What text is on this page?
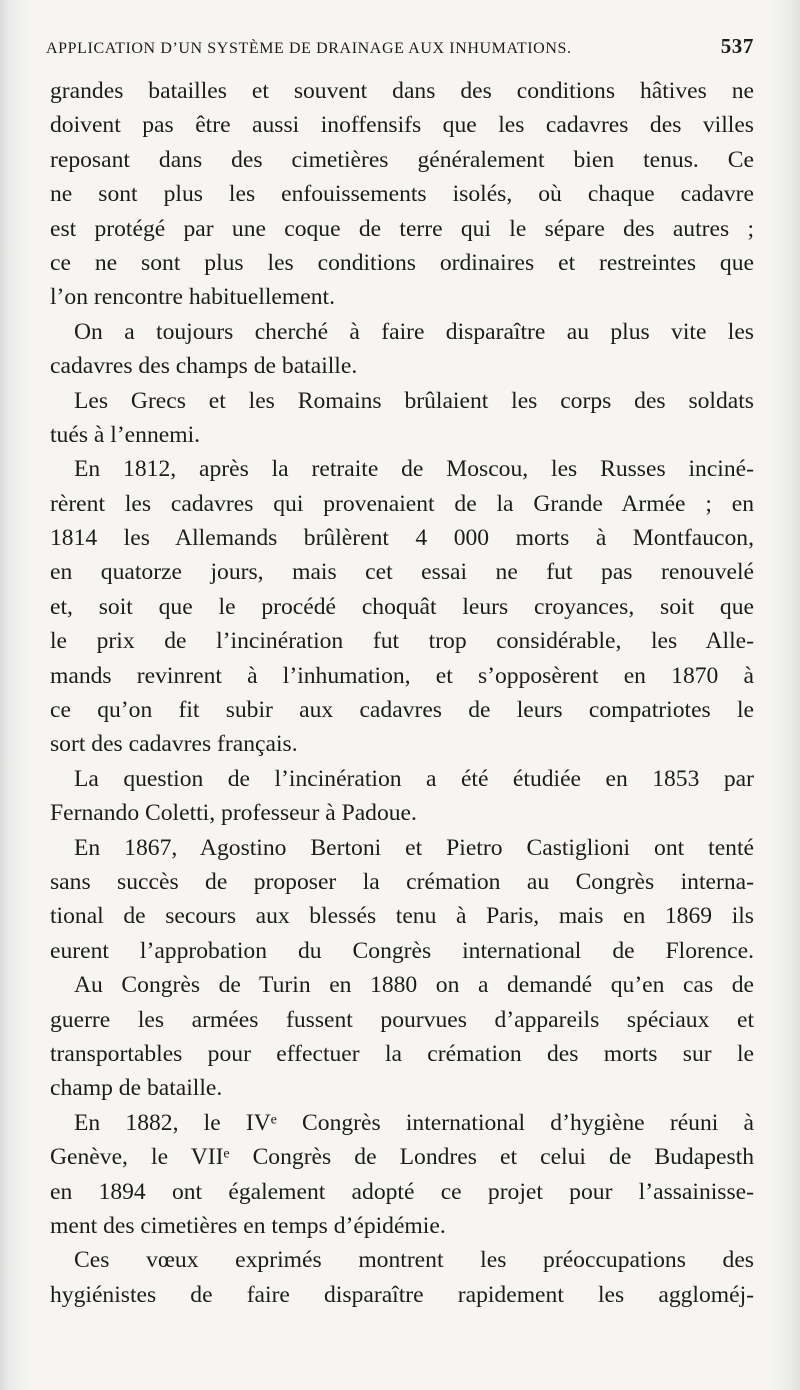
APPLICATION D’UN SYSTÈME DE DRAINAGE AUX INHUMATIONS.	537
grandes batailles et souvent dans des conditions hâtives ne
doivent pas être aussi inoffensifs que les cadavres des villes
reposant dans des cimetières généralement bien tenus. Ce
ne sont plus les enfouissements isolés, où chaque cadavre
est protégé par une coque de terre qui le sépare des autres ;
ce ne sont plus les conditions ordinaires et restreintes que
l’on rencontre habituellement.
On a toujours cherché à faire disparaître au plus vite les
cadavres des champs de bataille.
Les Grecs et les Romains brûlaient les corps des soldats
tués à l’ennemi.
En 1812, après la retraite de Moscou, les Russes inciné-
rèrent les cadavres qui provenaient de la Grande Armée ; en
1814 les Allemands brûlèrent 4 000 morts à Montfaucon,
en quatorze jours, mais cet essai ne fut pas renouvelé
et, soit que le procédé choquât leurs croyances, soit que
le prix de l’incinération fut trop considérable, les Alle-
mands revinrent à l’inhumation, et s’opposèrent en 1870 à
ce qu’on fit subir aux cadavres de leurs compatriotes le
sort des cadavres français.
La question de l’incinération a été étudiée en 1853 par
Fernando Coletti, professeur à Padoue.
En 1867, Agostino Bertoni et Pietro Castiglioni ont tenté
sans succès de proposer la crémation au Congrès interna-
tional de secours aux blessés tenu à Paris, mais en 1869 ils
eurent l’approbation du Congrès international de Florence.
Au Congrès de Turin en 1880 on a demandé qu’en cas de
guerre les armées fussent pourvues d’appareils spéciaux et
transportables pour effectuer la crémation des morts sur le
champ de bataille.
En 1882, le IVᵉ Congrès international d’hygiène réuni à
Genève, le VIIᵉ Congrès de Londres et celui de Budapesth
en 1894 ont également adopté ce projet pour l’assainisse-
ment des cimetières en temps d’épidémie.
Ces vœux exprimés montrent les préoccupations des
hygiénistes de faire disparaître rapidement les aggloméj-
